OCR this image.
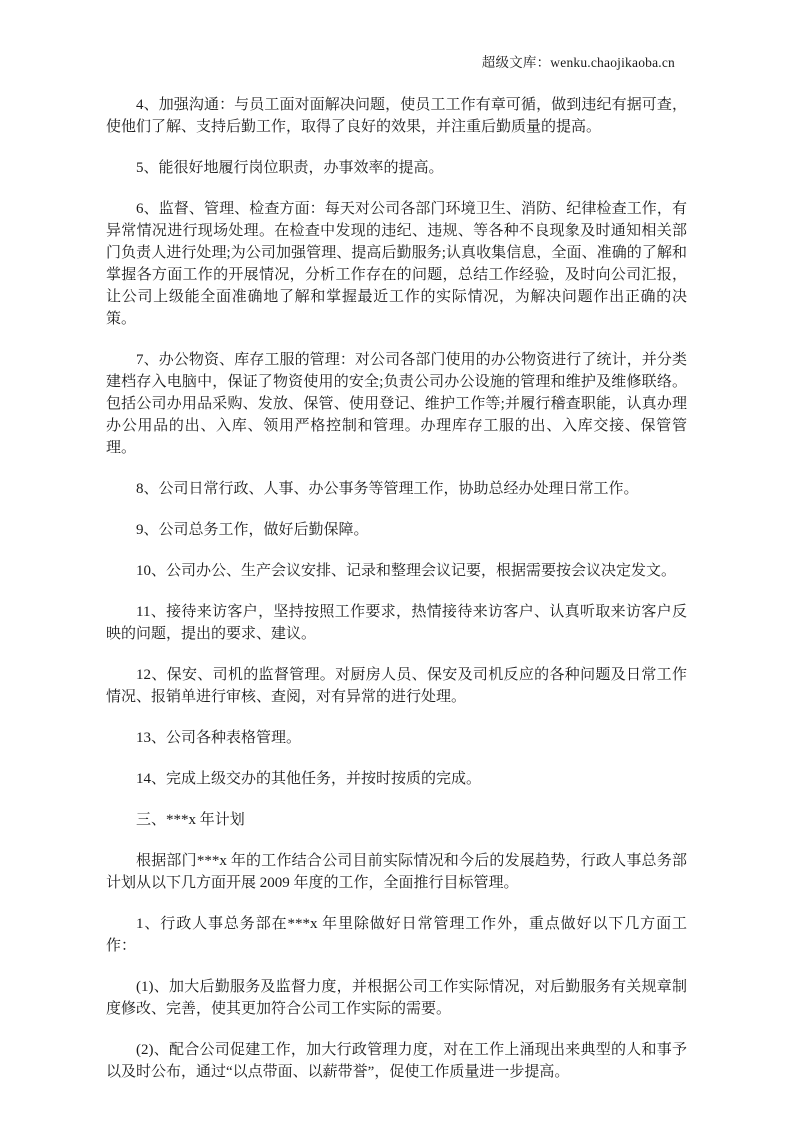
超级文库：wenku.chaojikaoba.cn

4、加强沟通：与员工面对面解决问题，使员工工作有章可循，做到违纪有据可查，使他们了解、支持后勤工作，取得了良好的效果，并注重后勤质量的提高。

5、能很好地履行岗位职责，办事效率的提高。

6、监督、管理、检查方面：每天对公司各部门环境卫生、消防、纪律检查工作，有异常情况进行现场处理。在检查中发现的违纪、违规、等各种不良现象及时通知相关部门负责人进行处理;为公司加强管理、提高后勤服务;认真收集信息，全面、准确的了解和掌握各方面工作的开展情况，分析工作存在的问题，总结工作经验，及时向公司汇报，让公司上级能全面准确地了解和掌握最近工作的实际情况，为解决问题作出正确的决策。

7、办公物资、库存工服的管理：对公司各部门使用的办公物资进行了统计，并分类建档存入电脑中，保证了物资使用的安全;负责公司办公设施的管理和维护及维修联络。包括公司办用品采购、发放、保管、使用登记、维护工作等;并履行稽查职能，认真办理办公用品的出、入库、领用严格控制和管理。办理库存工服的出、入库交接、保管管理。

8、公司日常行政、人事、办公事务等管理工作，协助总经办处理日常工作。

9、公司总务工作，做好后勤保障。

10、公司办公、生产会议安排、记录和整理会议记要，根据需要按会议决定发文。

11、接待来访客户，坚持按照工作要求，热情接待来访客户、认真听取来访客户反映的问题，提出的要求、建议。

12、保安、司机的监督管理。对厨房人员、保安及司机反应的各种问题及日常工作情况、报销单进行审核、查阅，对有异常的进行处理。

13、公司各种表格管理。

14、完成上级交办的其他任务，并按时按质的完成。

三、***x 年计划

根据部门***x 年的工作结合公司目前实际情况和今后的发展趋势，行政人事总务部计划从以下几方面开展 2009 年度的工作，全面推行目标管理。

1、行政人事总务部在***x 年里除做好日常管理工作外，重点做好以下几方面工作：

(1)、加大后勤服务及监督力度，并根据公司工作实际情况，对后勤服务有关规章制度修改、完善，使其更加符合公司工作实际的需要。

(2)、配合公司促建工作，加大行政管理力度，对在工作上涌现出来典型的人和事予以及时公布，通过“以点带面、以薪带誉”，促使工作质量进一步提高。
